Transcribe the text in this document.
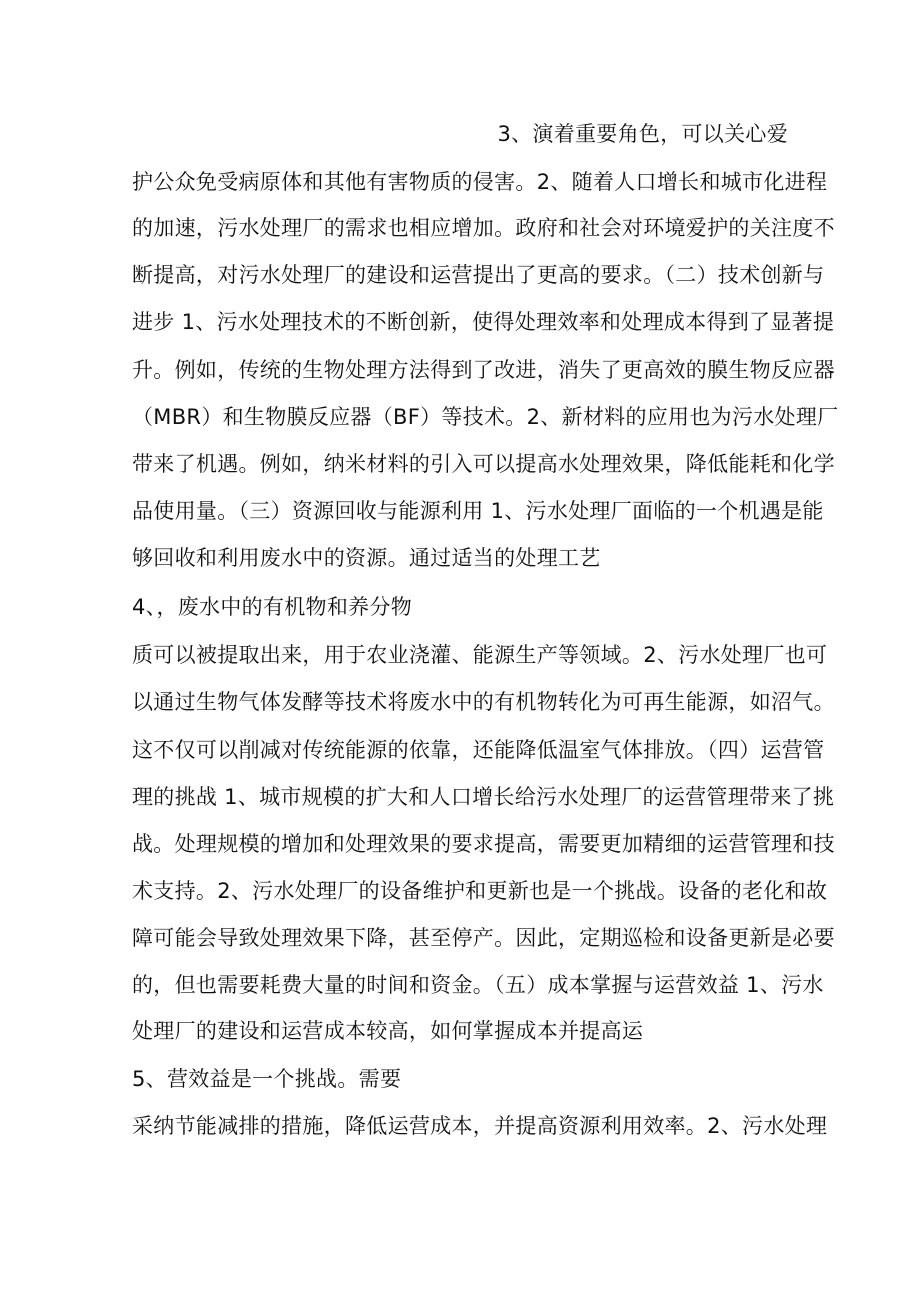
3、演着重要角色，可以关心爱
护公众免受病原体和其他有害物质的侵害。2、随着人口增长和城市化进程
的加速，污水处理厂的需求也相应增加。政府和社会对环境爱护的关注度不
断提高，对污水处理厂的建设和运营提出了更高的要求。（二）技术创新与
进步 1、污水处理技术的不断创新，使得处理效率和处理成本得到了显著提
升。例如，传统的生物处理方法得到了改进，消失了更高效的膜生物反应器
（MBR）和生物膜反应器（BF）等技术。2、新材料的应用也为污水处理厂
带来了机遇。例如，纳米材料的引入可以提高水处理效果，降低能耗和化学
品使用量。（三）资源回收与能源利用 1、污水处理厂面临的一个机遇是能
够回收和利用废水中的资源。通过适当的处理工艺
4、，废水中的有机物和养分物
质可以被提取出来，用于农业浇灌、能源生产等领域。2、污水处理厂也可
以通过生物气体发酵等技术将废水中的有机物转化为可再生能源，如沼气。
这不仅可以削减对传统能源的依靠，还能降低温室气体排放。（四）运营管
理的挑战 1、城市规模的扩大和人口增长给污水处理厂的运营管理带来了挑
战。处理规模的增加和处理效果的要求提高，需要更加精细的运营管理和技
术支持。2、污水处理厂的设备维护和更新也是一个挑战。设备的老化和故
障可能会导致处理效果下降，甚至停产。因此，定期巡检和设备更新是必要
的，但也需要耗费大量的时间和资金。（五）成本掌握与运营效益 1、污水
处理厂的建设和运营成本较高，如何掌握成本并提高运
5、营效益是一个挑战。需要
采纳节能减排的措施，降低运营成本，并提高资源利用效率。2、污水处理
